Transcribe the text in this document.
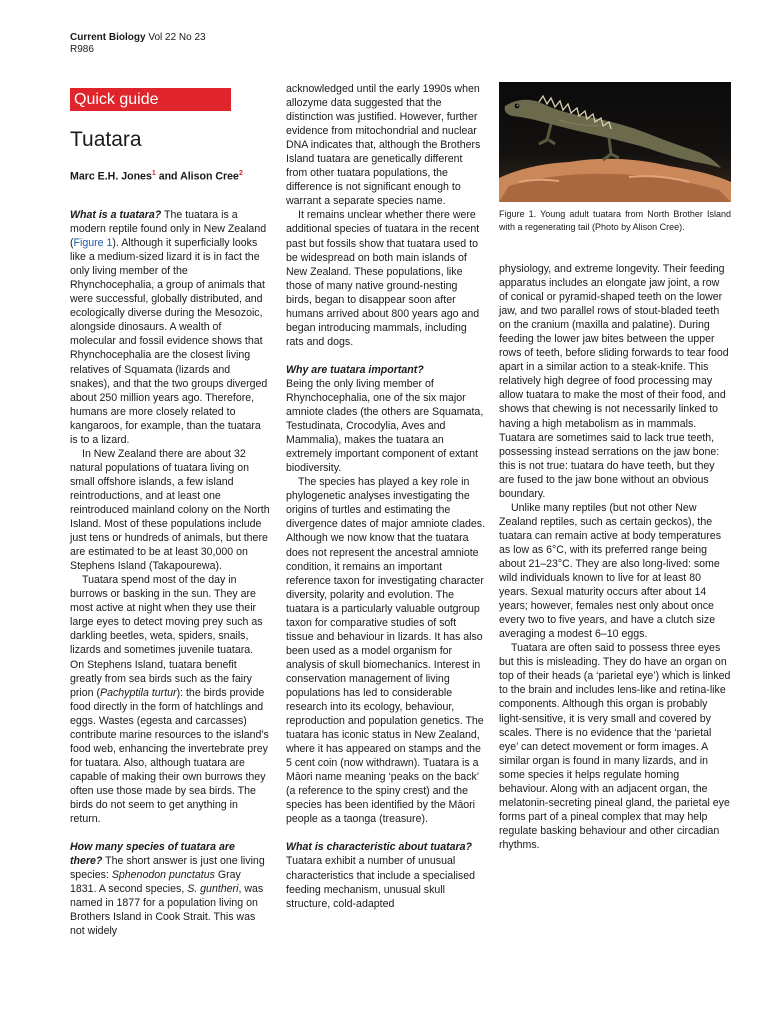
Current Biology Vol 22 No 23
R986
Quick guide
Tuatara
Marc E.H. Jones$^1$ and Alison Cree$^2$

What is a tuatara? The tuatara is a modern reptile found only in New Zealand (Figure 1). Although it superficially looks like a medium-sized lizard it is in fact the only living member of the Rhynchocephalia, a group of animals that were successful, globally distributed, and ecologically diverse during the Mesozoic, alongside dinosaurs. A wealth of molecular and fossil evidence shows that Rhynchocephalia are the closest living relatives of Squamata (lizards and snakes), and that the two groups diverged about 250 million years ago. Therefore, humans are more closely related to kangaroos, for example, than the tuatara is to a lizard.

In New Zealand there are about 32 natural populations of tuatara living on small offshore islands, a few island reintroductions, and at least one reintroduced mainland colony on the North Island. Most of these populations include just tens or hundreds of animals, but there are estimated to be at least 30,000 on Stephens Island (Takapourewa).

Tuatara spend most of the day in burrows or basking in the sun. They are most active at night when they use their large eyes to detect moving prey such as darkling beetles, weta, spiders, snails, lizards and sometimes juvenile tuatara. On Stephens Island, tuatara benefit greatly from sea birds such as the fairy prion (Pachyptila turtur): the birds provide food directly in the form of hatchlings and eggs. Wastes (egesta and carcasses) contribute marine resources to the island’s food web, enhancing the invertebrate prey for tuatara. Also, although tuatara are capable of making their own burrows they often use those made by sea birds. The birds do not seem to get anything in return.

How many species of tuatara are there? The short answer is just one living species: Sphenodon punctatus Gray 1831. A second species, S. guntheri, was named in 1877 for a population living on Brothers Island in Cook Strait. This was not widely

acknowledged until the early 1990s when allozyme data suggested that the distinction was justified. However, further evidence from mitochondrial and nuclear DNA indicates that, although the Brothers Island tuatara are genetically different from other tuatara populations, the difference is not significant enough to warrant a separate species name.

It remains unclear whether there were additional species of tuatara in the recent past but fossils show that tuatara used to be widespread on both main islands of New Zealand. These populations, like those of many native ground-nesting birds, began to disappear soon after humans arrived about 800 years ago and began introducing mammals, including rats and dogs.

Why are tuatara important?

Being the only living member of Rhynchocephalia, one of the six major amniote clades (the others are Squamata, Testudinata, Crocodylia, Aves and Mammalia), makes the tuatara an extremely important component of extant biodiversity.

The species has played a key role in phylogenetic analyses investigating the origins of turtles and estimating the divergence dates of major amniote clades. Although we now know that the tuatara does not represent the ancestral amniote condition, it remains an important reference taxon for investigating character diversity, polarity and evolution. The tuatara is a particularly valuable outgroup taxon for comparative studies of soft tissue and behaviour in lizards. It has also been used as a model organism for analysis of skull biomechanics. Interest in conservation management of living populations has led to considerable research into its ecology, behaviour, reproduction and population genetics. The tuatara has iconic status in New Zealand, where it has appeared on stamps and the 5 cent coin (now withdrawn). Tuatara is a Māori name meaning ‘peaks on the back’ (a reference to the spiny crest) and the species has been identified by the Māori people as a taonga (treasure).

What is characteristic about tuatara? Tuatara exhibit a number of unusual characteristics that include a specialised feeding mechanism, unusual skull structure, cold-adapted

Figure 1. Young adult tuatara from North Brother Island with a regenerating tail (Photo by Alison Cree).

physiology, and extreme longevity. Their feeding apparatus includes an elongate jaw joint, a row of conical or pyramid-shaped teeth on the lower jaw, and two parallel rows of stout-bladed teeth on the cranium (maxilla and palatine). During feeding the lower jaw bites between the upper rows of teeth, before sliding forwards to tear food apart in a similar action to a steak-knife. This relatively high degree of food processing may allow tuatara to make the most of their food, and shows that chewing is not necessarily linked to having a high metabolism as in mammals. Tuatara are sometimes said to lack true teeth, possessing instead serrations on the jaw bone: this is not true: tuatara do have teeth, but they are fused to the jaw bone without an obvious boundary.

Unlike many reptiles (but not other New Zealand reptiles, such as certain geckos), the tuatara can remain active at body temperatures as low as 6°C, with its preferred range being about 21–23°C. They are also long-lived: some wild individuals known to live for at least 80 years. Sexual maturity occurs after about 14 years; however, females nest only about once every two to five years, and have a clutch size averaging a modest 6–10 eggs.

Tuatara are often said to possess three eyes but this is misleading. They do have an organ on top of their heads (a ‘parietal eye’) which is linked to the brain and includes lens-like and retina-like components. Although this organ is probably light-sensitive, it is very small and covered by scales. There is no evidence that the ‘parietal eye’ can detect movement or form images. A similar organ is found in many lizards, and in some species it helps regulate homing behaviour. Along with an adjacent organ, the melatonin-secreting pineal gland, the parietal eye forms part of a pineal complex that may help regulate basking behaviour and other circadian rhythms.
